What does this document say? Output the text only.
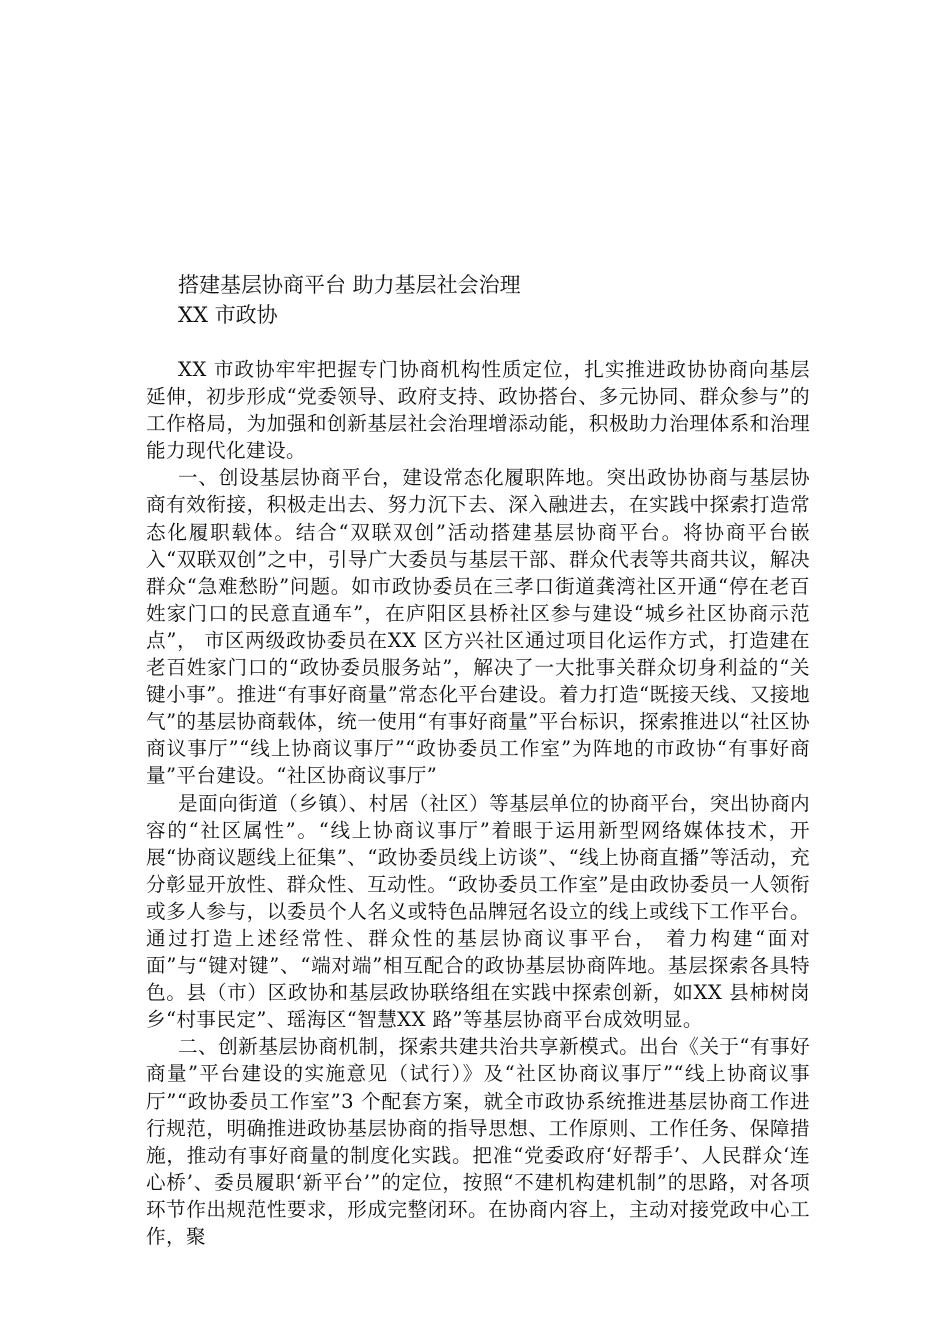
搭建基层协商平台 助力基层社会治理
XX 市政协

XX 市政协牢牢把握专门协商机构性质定位，扎实推进政协协商向基层延伸，初步形成“党委领导、政府支持、政协搭台、多元协同、群众参与”的工作格局，为加强和创新基层社会治理增添动能，积极助力治理体系和治理能力现代化建设。

一、创设基层协商平台，建设常态化履职阵地。突出政协协商与基层协商有效衔接，积极走出去、努力沉下去、深入融进去，在实践中探索打造常态化履职载体。结合“双联双创”活动搭建基层协商平台。将协商平台嵌入“双联双创”之中，引导广大委员与基层干部、群众代表等共商共议，解决群众“急难愁盼”问题。如市政协委员在三孝口街道龚湾社区开通“停在老百姓家门口的民意直通车”，在庐阳区县桥社区参与建设“城乡社区协商示范点”， 市区两级政协委员在XX 区方兴社区通过项目化运作方式，打造建在老百姓家门口的“政协委员服务站”，解决了一大批事关群众切身利益的“关键小事”。推进“有事好商量”常态化平台建设。着力打造“既接天线、又接地气”的基层协商载体，统一使用“有事好商量”平台标识，探索推进以“社区协商议事厅”“线上协商议事厅”“政协委员工作室”为阵地的市政协“有事好商量”平台建设。“社区协商议事厅”

是面向街道（乡镇）、村居（社区）等基层单位的协商平台，突出协商内容的“社区属性”。“线上协商议事厅”着眼于运用新型网络媒体技术，开展“协商议题线上征集”、“政协委员线上访谈”、“线上协商直播”等活动，充分彰显开放性、群众性、互动性。“政协委员工作室”是由政协委员一人领衔或多人参与，以委员个人名义或特色品牌冠名设立的线上或线下工作平台。通过打造上述经常性、群众性的基层协商议事平台， 着力构建“面对面”与“键对键”、“端对端”相互配合的政协基层协商阵地。基层探索各具特色。县（市）区政协和基层政协联络组在实践中探索创新，如XX 县柿树岗乡“村事民定”、瑶海区“智慧XX 路”等基层协商平台成效明显。

二、创新基层协商机制，探索共建共治共享新模式。出台《关于“有事好商量”平台建设的实施意见（试行）》及“社区协商议事厅”“线上协商议事厅”“政协委员工作室”3 个配套方案，就全市政协系统推进基层协商工作进行规范，明确推进政协基层协商的指导思想、工作原则、工作任务、保障措施，推动有事好商量的制度化实践。把准“党委政府‘好帮手’、人民群众‘连心桥’、委员履职‘新平台’”的定位，按照“不建机构建机制”的思路，对各项环节作出规范性要求，形成完整闭环。在协商内容上，主动对接党政中心工作，聚
